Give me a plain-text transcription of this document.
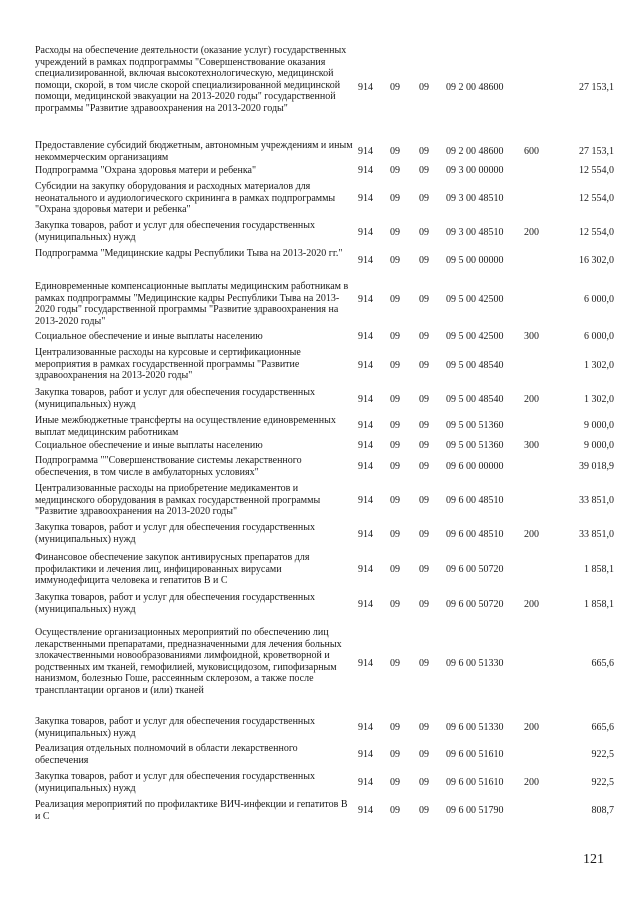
Расходы на обеспечение деятельности (оказание услуг) государственных учреждений в рамках подпрограммы "Совершенствование оказания специализированной, включая высокотехнологическую, медицинской помощи, скорой, в том числе скорой специализированной медицинской помощи, медицинской эвакуации на 2013-2020 годы" государственной программы "Развитие здравоохранения на 2013-2020 годы"
914 09 09 09 2 00 48600	27 153,1
Предоставление субсидий бюджетным, автономным учреждениям и иным некоммерческим организациям
914 09 09 09 2 00 48600 600	27 153,1
Подпрограмма "Охрана здоровья матери и ребенка"	914 09 09 09 3 00 00000	12 554,0
Субсидии на закупку оборудования и расходных материалов для неонатального и аудиологического скрининга в рамках подпрограммы "Охрана здоровья матери и ребенка"
914 09 09 09 3 00 48510	12 554,0
Закупка товаров, работ и услуг для обеспечения государственных (муниципальных) нужд	914 09 09 09 3 00 48510 200	12 554,0
Подпрограмма "Медицинские кадры Республики Тыва на 2013-2020 гг."
914 09 09 09 5 00 00000	16 302,0
Единовременные компенсационные выплаты медицинским работникам в рамках подпрограммы "Медицинские кадры Республики Тыва на 2013-2020 годы" государственной программы "Развитие здравоохранения на 2013-2020 годы"
914 09 09 09 5 00 42500	6 000,0
Социальное обеспечение и иные выплаты населению	914 09 09 09 5 00 42500 300	6 000,0
Централизованные расходы на курсовые и сертификационные мероприятия в рамках государственной программы "Развитие здравоохранения на 2013-2020 годы"
914 09 09 09 5 00 48540	1 302,0
Закупка товаров, работ и услуг для обеспечения государственных (муниципальных) нужд	914 09 09 09 5 00 48540 200	1 302,0
Иные межбюджетные трансферты на осуществление единовременных выплат медицинским работникам
914 09 09 09 5 00 51360	9 000,0
Социальное обеспечение и иные выплаты населению	914 09 09 09 5 00 51360 300	9 000,0
Подпрограмма ""Совершенствование системы лекарственного обеспечения, в том числе в амбулаторных условиях"
914 09 09 09 6 00 00000	39 018,9
Централизованные расходы на приобретение медикаментов и медицинского оборудования в рамках государственной программы "Развитие здравоохранения на 2013-2020 годы"
914 09 09 09 6 00 48510	33 851,0
Закупка товаров, работ и услуг для обеспечения государственных (муниципальных) нужд	914 09 09 09 6 00 48510 200	33 851,0
Финансовое обеспечение закупок антивирусных препаратов для профилактики и лечения лиц, инфицированных вирусами иммунодефицита человека и гепатитов В и С
914 09 09 09 6 00 50720	1 858,1
Закупка товаров, работ и услуг для обеспечения государственных (муниципальных) нужд	914 09 09 09 6 00 50720 200	1 858,1
Осуществление организационных мероприятий по обеспечению лиц лекарственными препаратами, предназначенными для лечения больных злокачественными новообразованиями лимфоидной, кроветворной и родственных им тканей, гемофилией, муковисцидозом, гипофизарным нанизмом, болезнью Гоше, рассеянным склерозом, а также после трансплантации органов и (или) тканей
914 09 09 09 6 00 51330	665,6
Закупка товаров, работ и услуг для обеспечения государственных (муниципальных) нужд
914 09 09 09 6 00 51330 200	665,6
Реализация отдельных полномочий в области лекарственного обеспечения
914 09 09 09 6 00 51610	922,5
Закупка товаров, работ и услуг для обеспечения государственных (муниципальных) нужд
914 09 09 09 6 00 51610 200	922,5
Реализация мероприятий по профилактике ВИЧ-инфекции и гепатитов В и С
914 09 09 09 6 00 51790	808,7
121
